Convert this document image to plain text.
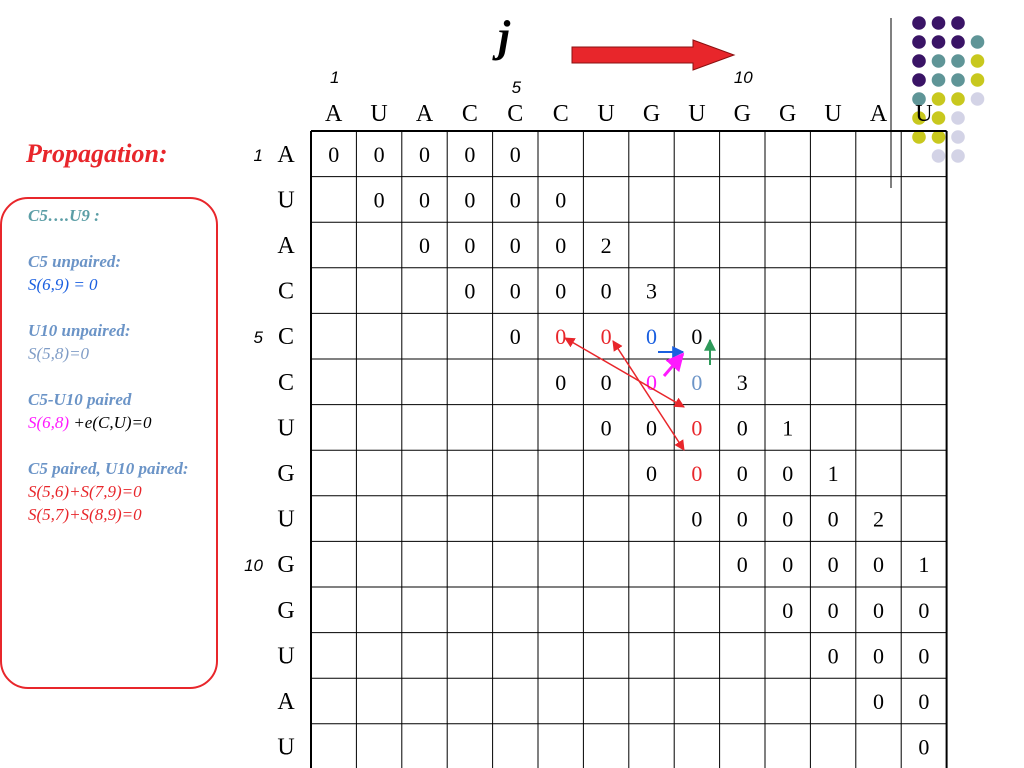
j
A U A C C C U G U G G U A U
1
5
10
A
U
A
C
C
C
U
G
U
G
G
U
A
U
1
5
10
0 0 0 0 0
0 0 0 0 0
0 0 0 0 2
0 0 0 0 3
0 0 0 0 0
0 0 0 0 3
0 0 0 0 1
0 0 0 0 1
0 0 0 0 2
0 0 0 0 1
0 0 0 0
0 0 0
0 0
0
Propagation:
C5….U9 :
C5 unpaired:
S(6,9) = 0
U10 unpaired:
S(5,8)=0
C5-U10 paired
S(6,8) +e(C,U)=0
C5 paired, U10 paired:
S(5,6)+S(7,9)=0
S(5,7)+S(8,9)=0
